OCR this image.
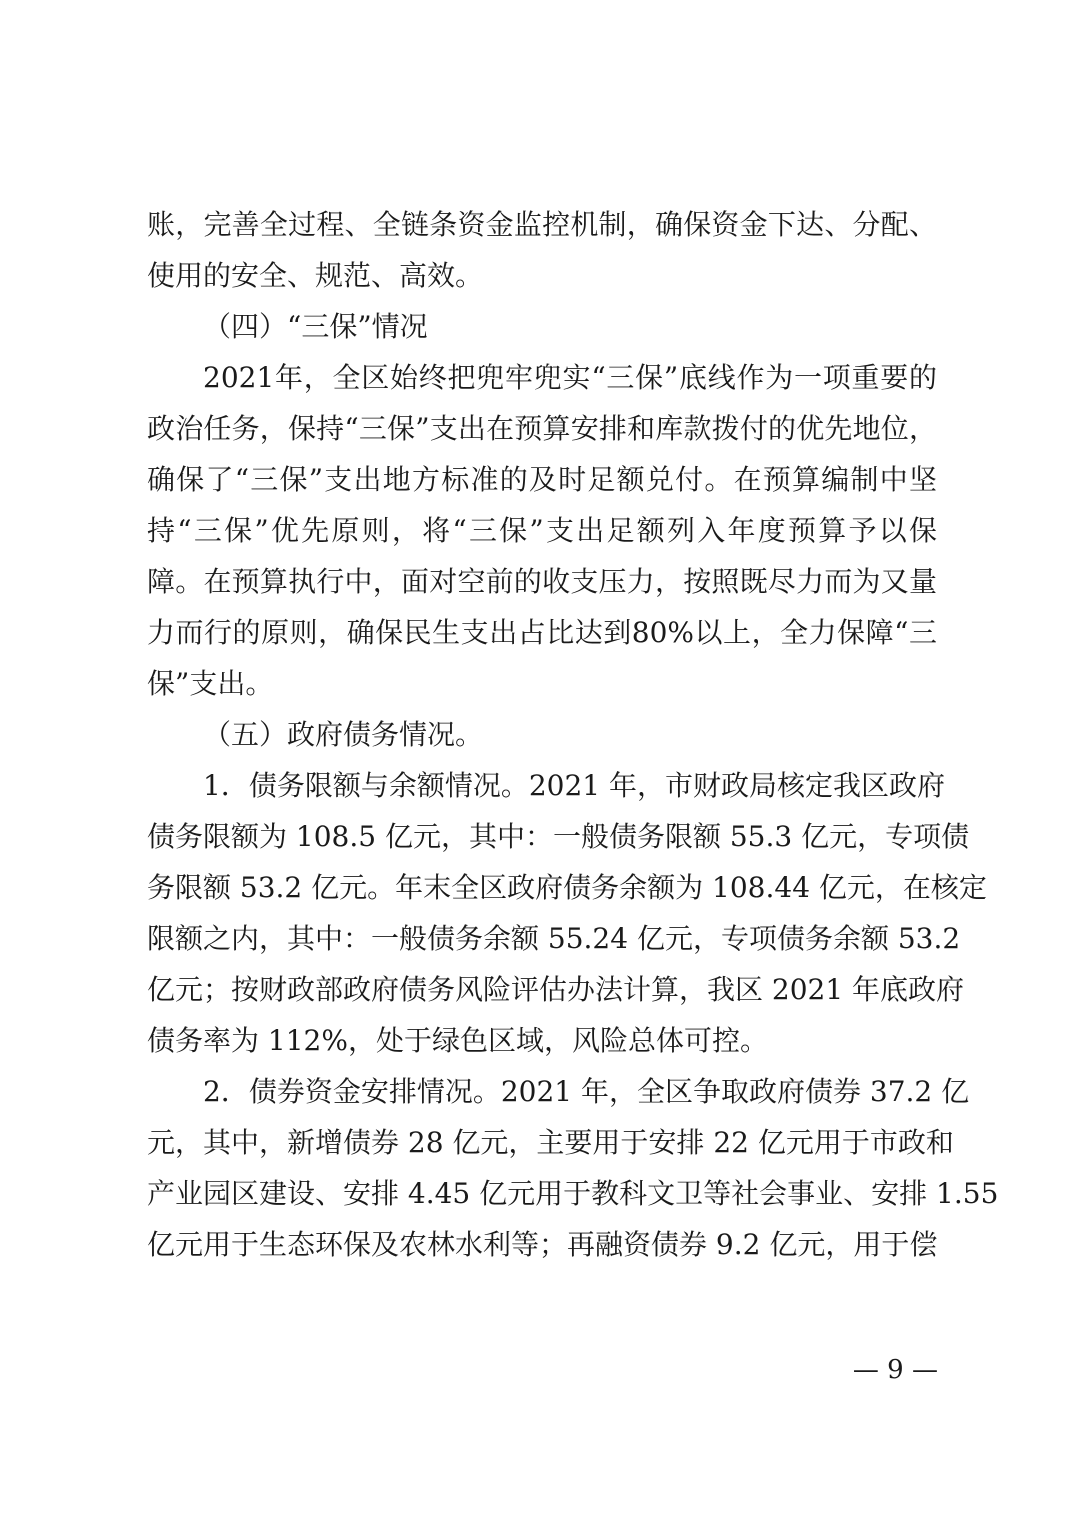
账，完善全过程、全链条资金监控机制，确保资金下达、分配、
使用的安全、规范、高效。
（四）“三保”情况
2021年，全区始终把兜牢兜实“三保”底线作为一项重要的
政治任务，保持“三保”支出在预算安排和库款拨付的优先地位，
确保了“三保”支出地方标准的及时足额兑付。在预算编制中坚
持“三保”优先原则，将“三保”支出足额列入年度预算予以保
障。在预算执行中，面对空前的收支压力，按照既尽力而为又量
力而行的原则，确保民生支出占比达到80%以上，全力保障“三
保”支出。
（五）政府债务情况。
1．债务限额与余额情况。2021 年，市财政局核定我区政府
债务限额为 108.5 亿元，其中：一般债务限额 55.3 亿元，专项债
务限额 53.2 亿元。年末全区政府债务余额为 108.44 亿元，在核定
限额之内，其中：一般债务余额 55.24 亿元，专项债务余额 53.2
亿元；按财政部政府债务风险评估办法计算，我区 2021 年底政府
债务率为 112%，处于绿色区域，风险总体可控。
2．债券资金安排情况。2021 年，全区争取政府债券 37.2 亿
元，其中，新增债券 28 亿元，主要用于安排 22 亿元用于市政和
产业园区建设、安排 4.45 亿元用于教科文卫等社会事业、安排 1.55
亿元用于生态环保及农林水利等；再融资债券 9.2 亿元，用于偿
— 9 —
